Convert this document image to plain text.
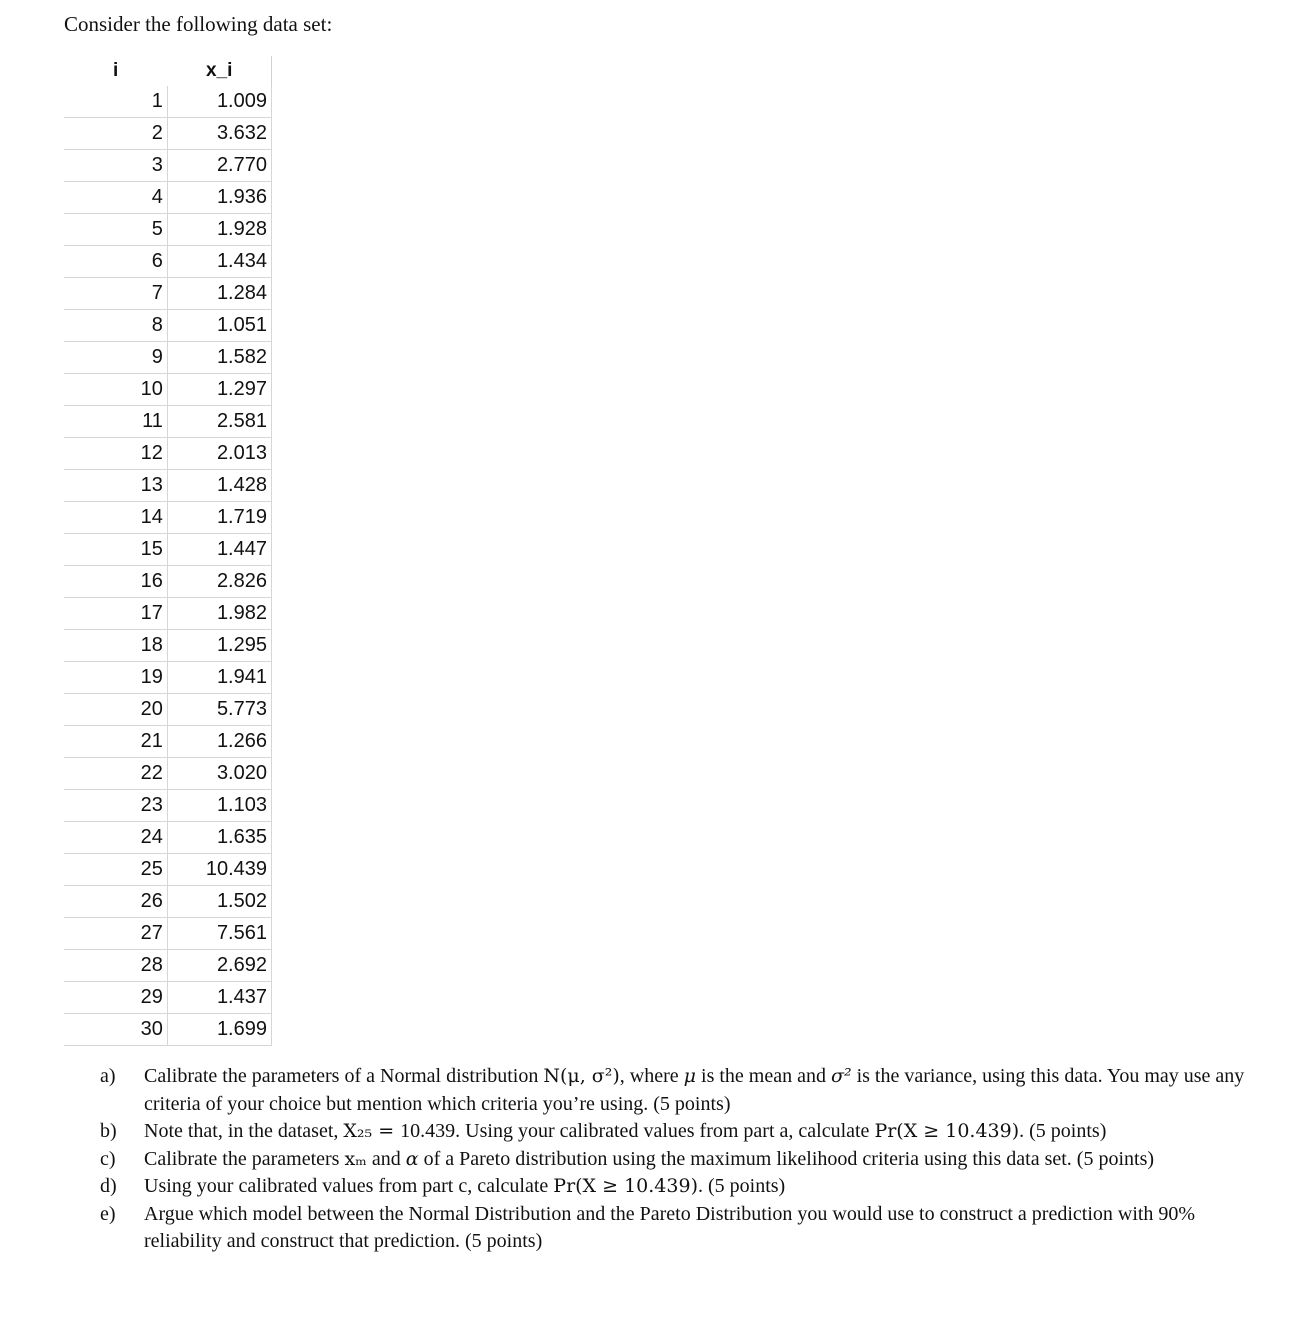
Consider the following data set:
i	x_i
1	1.009
2	3.632
3	2.770
4	1.936
5	1.928
6	1.434
7	1.284
8	1.051
9	1.582
10	1.297
11	2.581
12	2.013
13	1.428
14	1.719
15	1.447
16	2.826
17	1.982
18	1.295
19	1.941
20	5.773
21	1.266
22	3.020
23	1.103
24	1.635
25	10.439
26	1.502
27	7.561
28	2.692
29	1.437
30	1.699
a)	Calibrate the parameters of a Normal distribution N(μ, σ²), where μ is the mean and σ² is the variance, using this data. You may use any criteria of your choice but mention which criteria you’re using. (5 points)
b)	Note that, in the dataset, X₂₅ = 10.439. Using your calibrated values from part a, calculate Pr(X ≥ 10.439). (5 points)
c)	Calibrate the parameters xₘ and α of a Pareto distribution using the maximum likelihood criteria using this data set. (5 points)
d)	Using your calibrated values from part c, calculate Pr(X ≥ 10.439). (5 points)
e)	Argue which model between the Normal Distribution and the Pareto Distribution you would use to construct a prediction with 90% reliability and construct that prediction. (5 points)
